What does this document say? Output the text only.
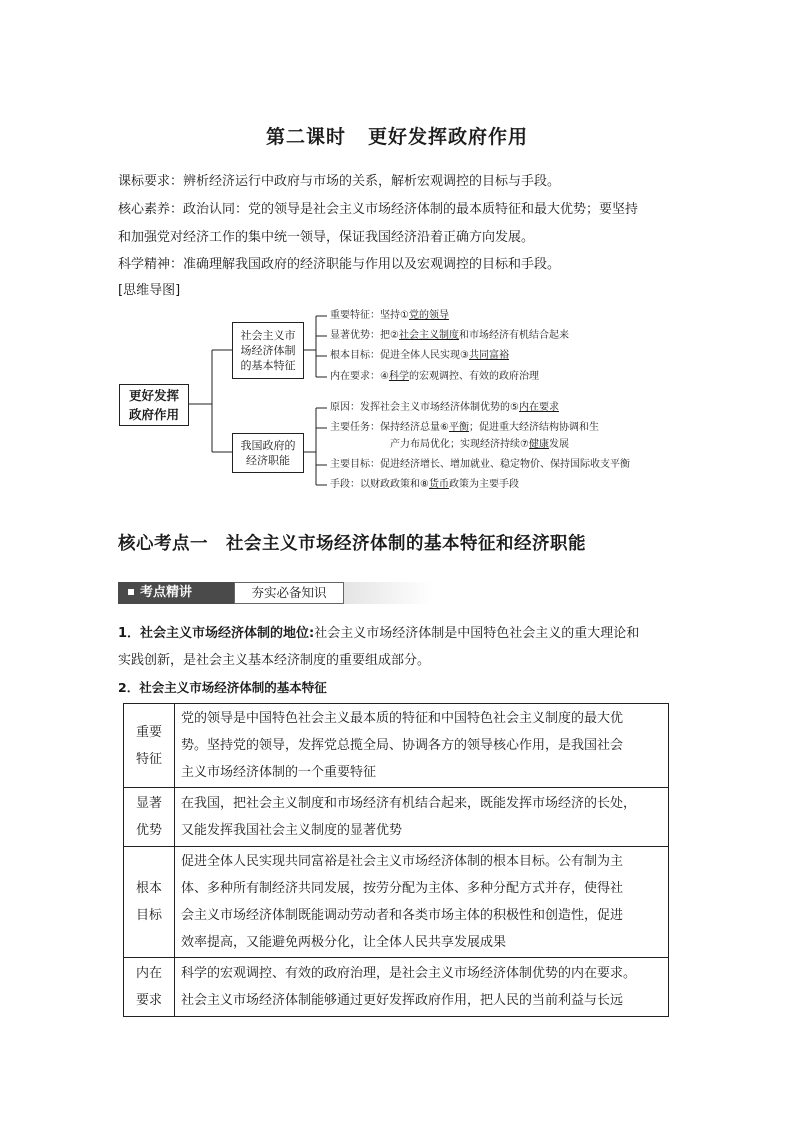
第二课时 更好发挥政府作用
课标要求：辨析经济运行中政府与市场的关系，解析宏观调控的目标与手段。
核心素养：政治认同：党的领导是社会主义市场经济体制的最本质特征和最大优势；要坚持
和加强党对经济工作的集中统一领导，保证我国经济沿着正确方向发展。
科学精神：准确理解我国政府的经济职能与作用以及宏观调控的目标和手段。
[思维导图]
更好发挥
政府作用
社会主义市
场经济体制
的基本特征
我国政府的
经济职能
重要特征：坚持①党的领导
显著优势：把②社会主义制度和市场经济有机结合起来
根本目标：促进全体人民实现③共同富裕
内在要求：④科学的宏观调控、有效的政府治理
原因：发挥社会主义市场经济体制优势的⑤内在要求
主要任务：保持经济总量⑥平衡；促进重大经济结构协调和生
产力布局优化；实现经济持续⑦健康发展
主要目标：促进经济增长、增加就业、稳定物价、保持国际收支平衡
手段：以财政政策和⑧货币政策为主要手段
核心考点一　社会主义市场经济体制的基本特征和经济职能
考点精讲	夯实必备知识
1．社会主义市场经济体制的地位:社会主义市场经济体制是中国特色社会主义的重大理论和
实践创新，是社会主义基本经济制度的重要组成部分。
2．社会主义市场经济体制的基本特征
重要
特征	党的领导是中国特色社会主义最本质的特征和中国特色社会主义制度的最大优
势。坚持党的领导，发挥党总揽全局、协调各方的领导核心作用，是我国社会
主义市场经济体制的一个重要特征
显著
优势	在我国，把社会主义制度和市场经济有机结合起来，既能发挥市场经济的长处，
又能发挥我国社会主义制度的显著优势
根本
目标	促进全体人民实现共同富裕是社会主义市场经济体制的根本目标。公有制为主
体、多种所有制经济共同发展，按劳分配为主体、多种分配方式并存，使得社
会主义市场经济体制既能调动劳动者和各类市场主体的积极性和创造性，促进
效率提高，又能避免两极分化，让全体人民共享发展成果
内在
要求	科学的宏观调控、有效的政府治理，是社会主义市场经济体制优势的内在要求。
社会主义市场经济体制能够通过更好发挥政府作用，把人民的当前利益与长远
